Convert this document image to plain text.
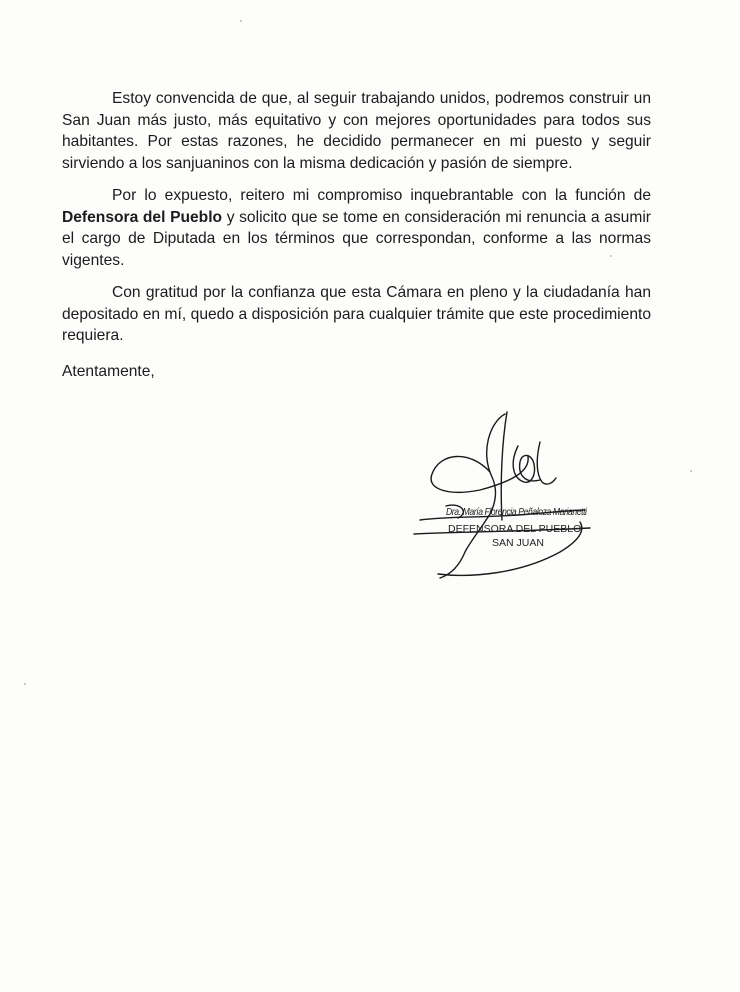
Estoy convencida de que, al seguir trabajando unidos, podremos construir un San Juan más justo, más equitativo y con mejores oportunidades para todos sus habitantes. Por estas razones, he decidido permanecer en mi puesto y seguir sirviendo a los sanjuaninos con la misma dedicación y pasión de siempre.

Por lo expuesto, reitero mi compromiso inquebrantable con la función de Defensora del Pueblo y solicito que se tome en consideración mi renuncia a asumir el cargo de Diputada en los términos que correspondan, conforme a las normas vigentes.

Con gratitud por la confianza que esta Cámara en pleno y la ciudadanía han depositado en mí, quedo a disposición para cualquier trámite que este procedimiento requiera.

Atentamente,
Dra. María Florencia Peñaloza Marianetti
DEFENSORA DEL PUEBLO
SAN JUAN
